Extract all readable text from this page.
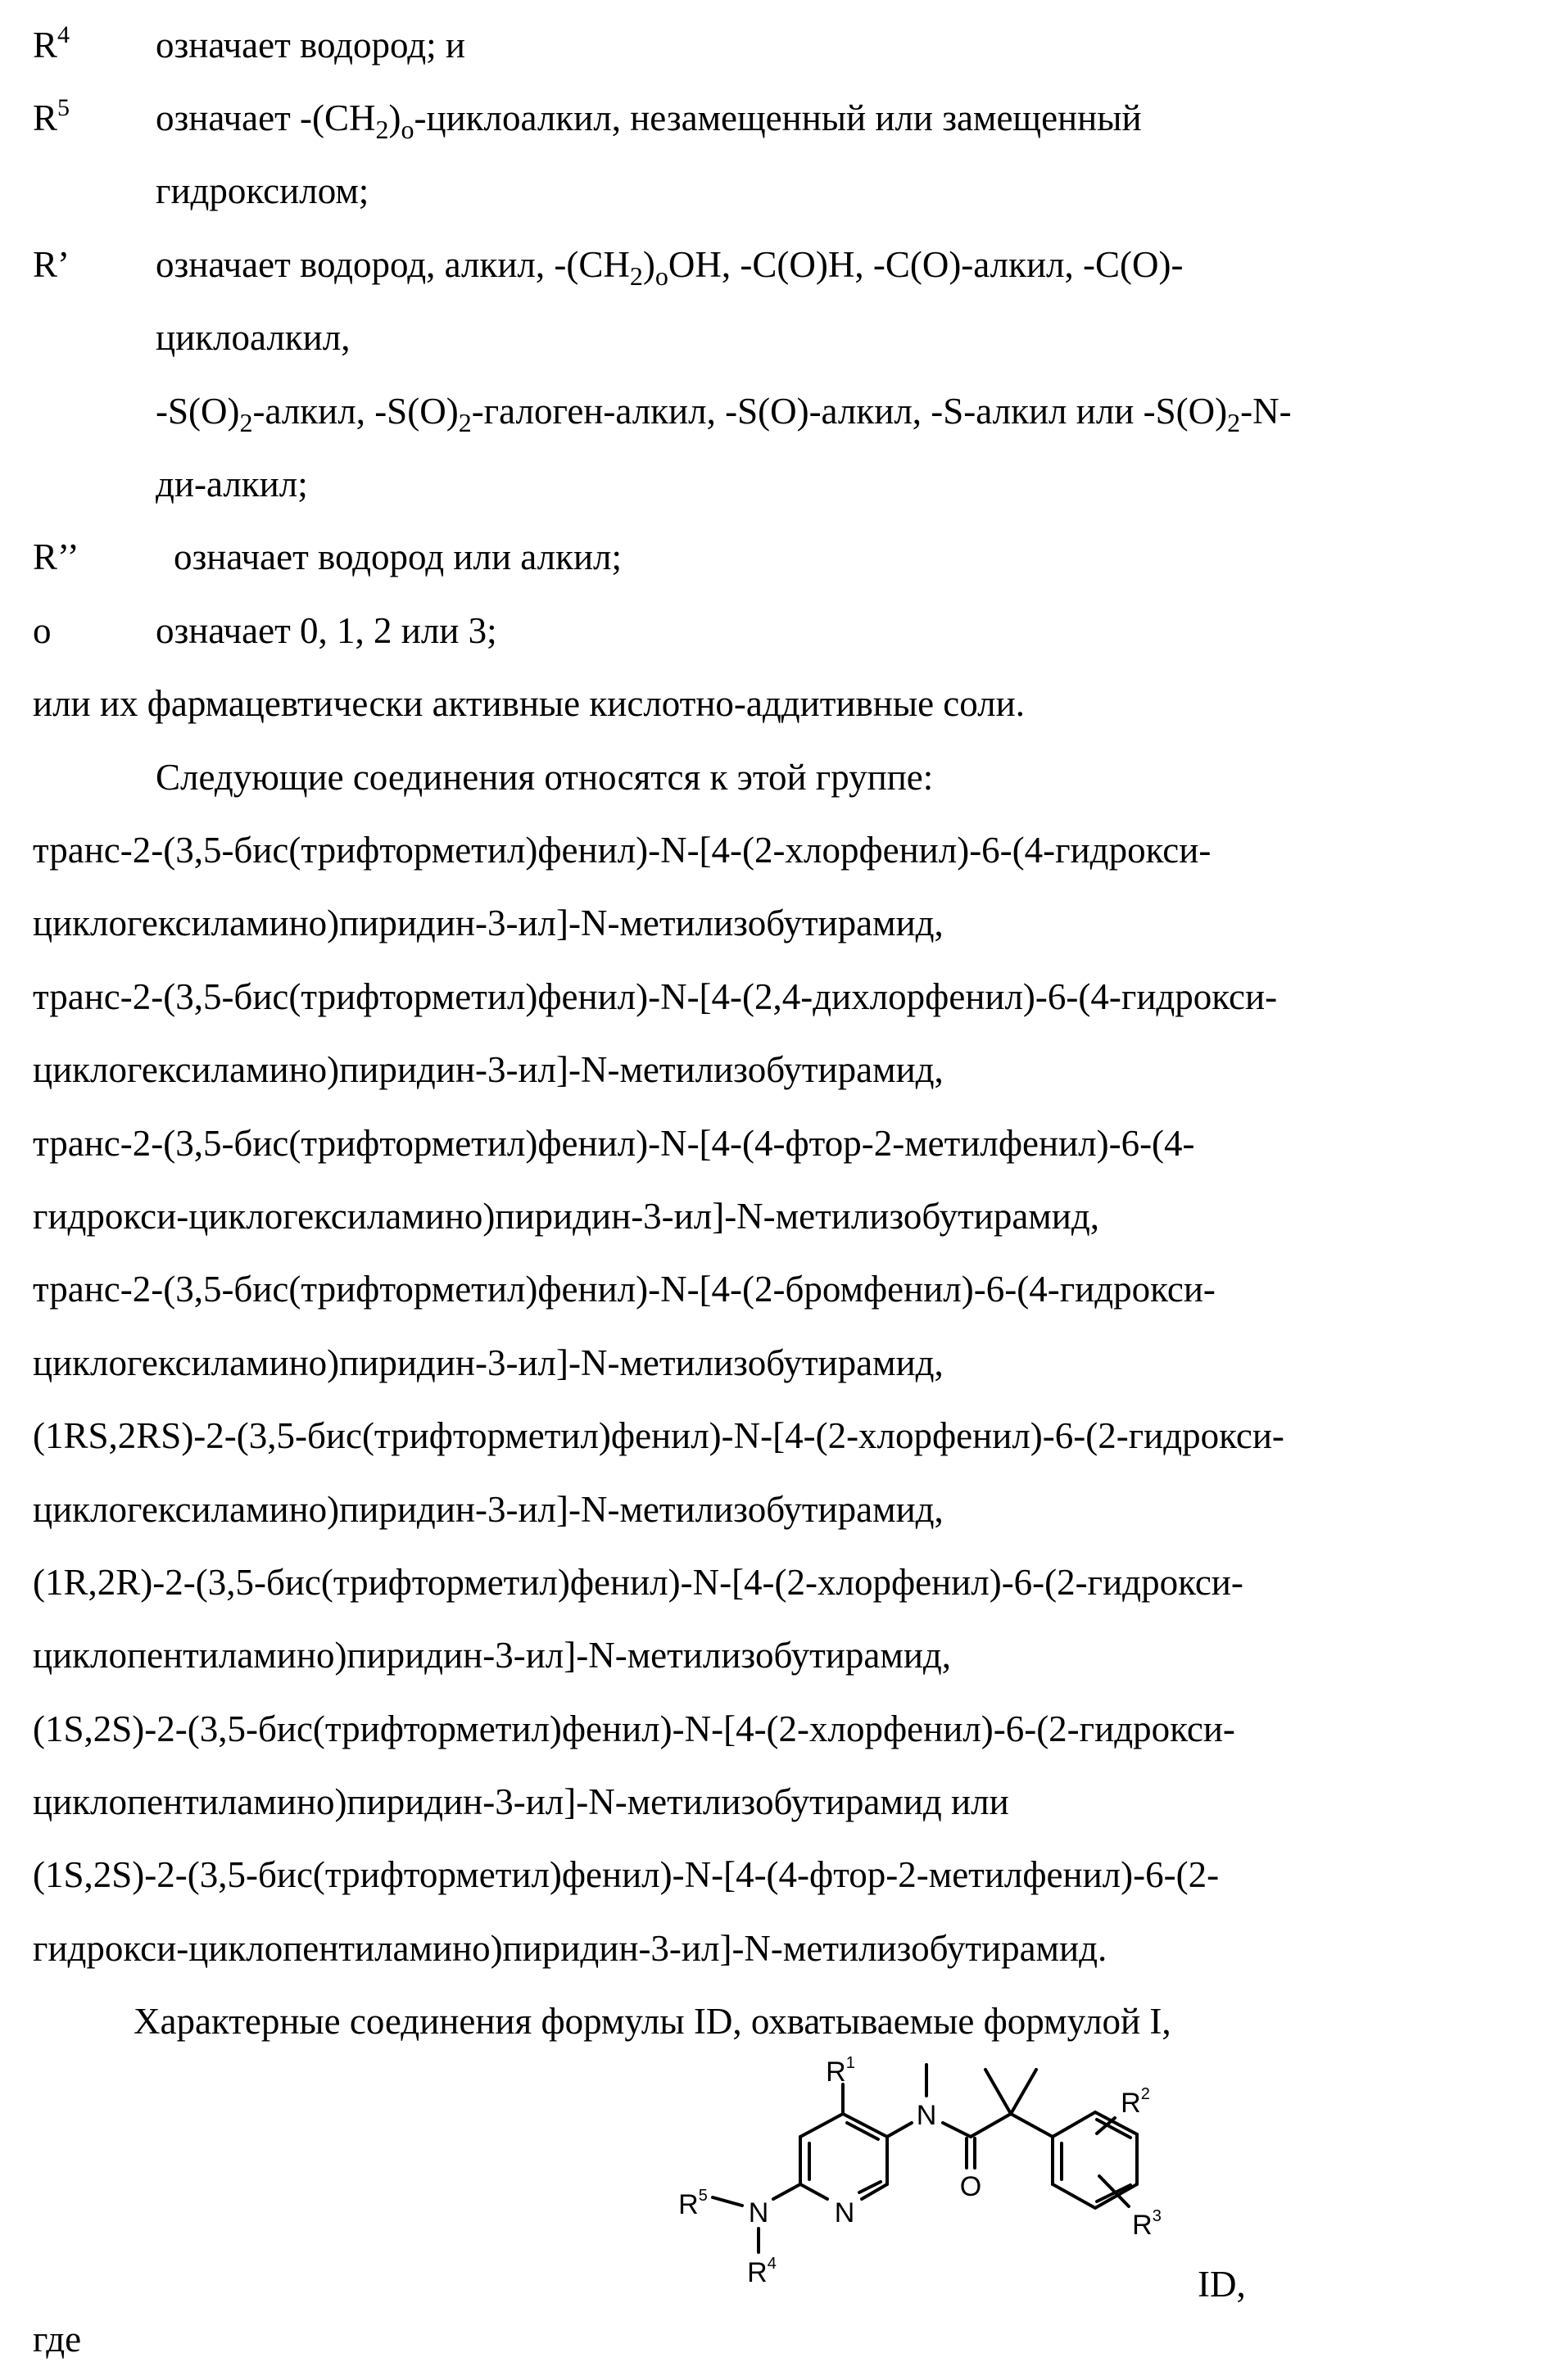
R4 означает водород; и
R5 означает -(CH2)o-циклоалкил, незамещенный или замещенный
гидроксилом;
R’ означает водород, алкил, -(CH2)oOH, -C(O)H, -C(O)-алкил, -C(O)-
циклоалкил,
-S(O)2-алкил, -S(O)2-галоген-алкил, -S(O)-алкил, -S-алкил или -S(O)2-N-
ди-алкил;
R’’	означает водород или алкил;
o	означает 0, 1, 2 или 3;
или их фармацевтически активные кислотно-аддитивные соли.
Следующие соединения относятся к этой группе:
транс-2-(3,5-бис(трифторметил)фенил)-N-[4-(2-хлорфенил)-6-(4-гидрокси-
циклогексиламино)пиридин-3-ил]-N-метилизобутирамид,
транс-2-(3,5-бис(трифторметил)фенил)-N-[4-(2,4-дихлорфенил)-6-(4-гидрокси-
циклогексиламино)пиридин-3-ил]-N-метилизобутирамид,
транс-2-(3,5-бис(трифторметил)фенил)-N-[4-(4-фтор-2-метилфенил)-6-(4-
гидрокси-циклогексиламино)пиридин-3-ил]-N-метилизобутирамид,
транс-2-(3,5-бис(трифторметил)фенил)-N-[4-(2-бромфенил)-6-(4-гидрокси-
циклогексиламино)пиридин-3-ил]-N-метилизобутирамид,
(1RS,2RS)-2-(3,5-бис(трифторметил)фенил)-N-[4-(2-хлорфенил)-6-(2-гидрокси-
циклогексиламино)пиридин-3-ил]-N-метилизобутирамид,
(1R,2R)-2-(3,5-бис(трифторметил)фенил)-N-[4-(2-хлорфенил)-6-(2-гидрокси-
циклопентиламино)пиридин-3-ил]-N-метилизобутирамид,
(1S,2S)-2-(3,5-бис(трифторметил)фенил)-N-[4-(2-хлорфенил)-6-(2-гидрокси-
циклопентиламино)пиридин-3-ил]-N-метилизобутирамид или
(1S,2S)-2-(3,5-бис(трифторметил)фенил)-N-[4-(4-фтор-2-метилфенил)-6-(2-
гидрокси-циклопентиламино)пиридин-3-ил]-N-метилизобутирамид.
Характерные соединения формулы ID, охватываемые формулой I,
R1
N
O
N
N
R5
R4
R2
R3
ID,
где
